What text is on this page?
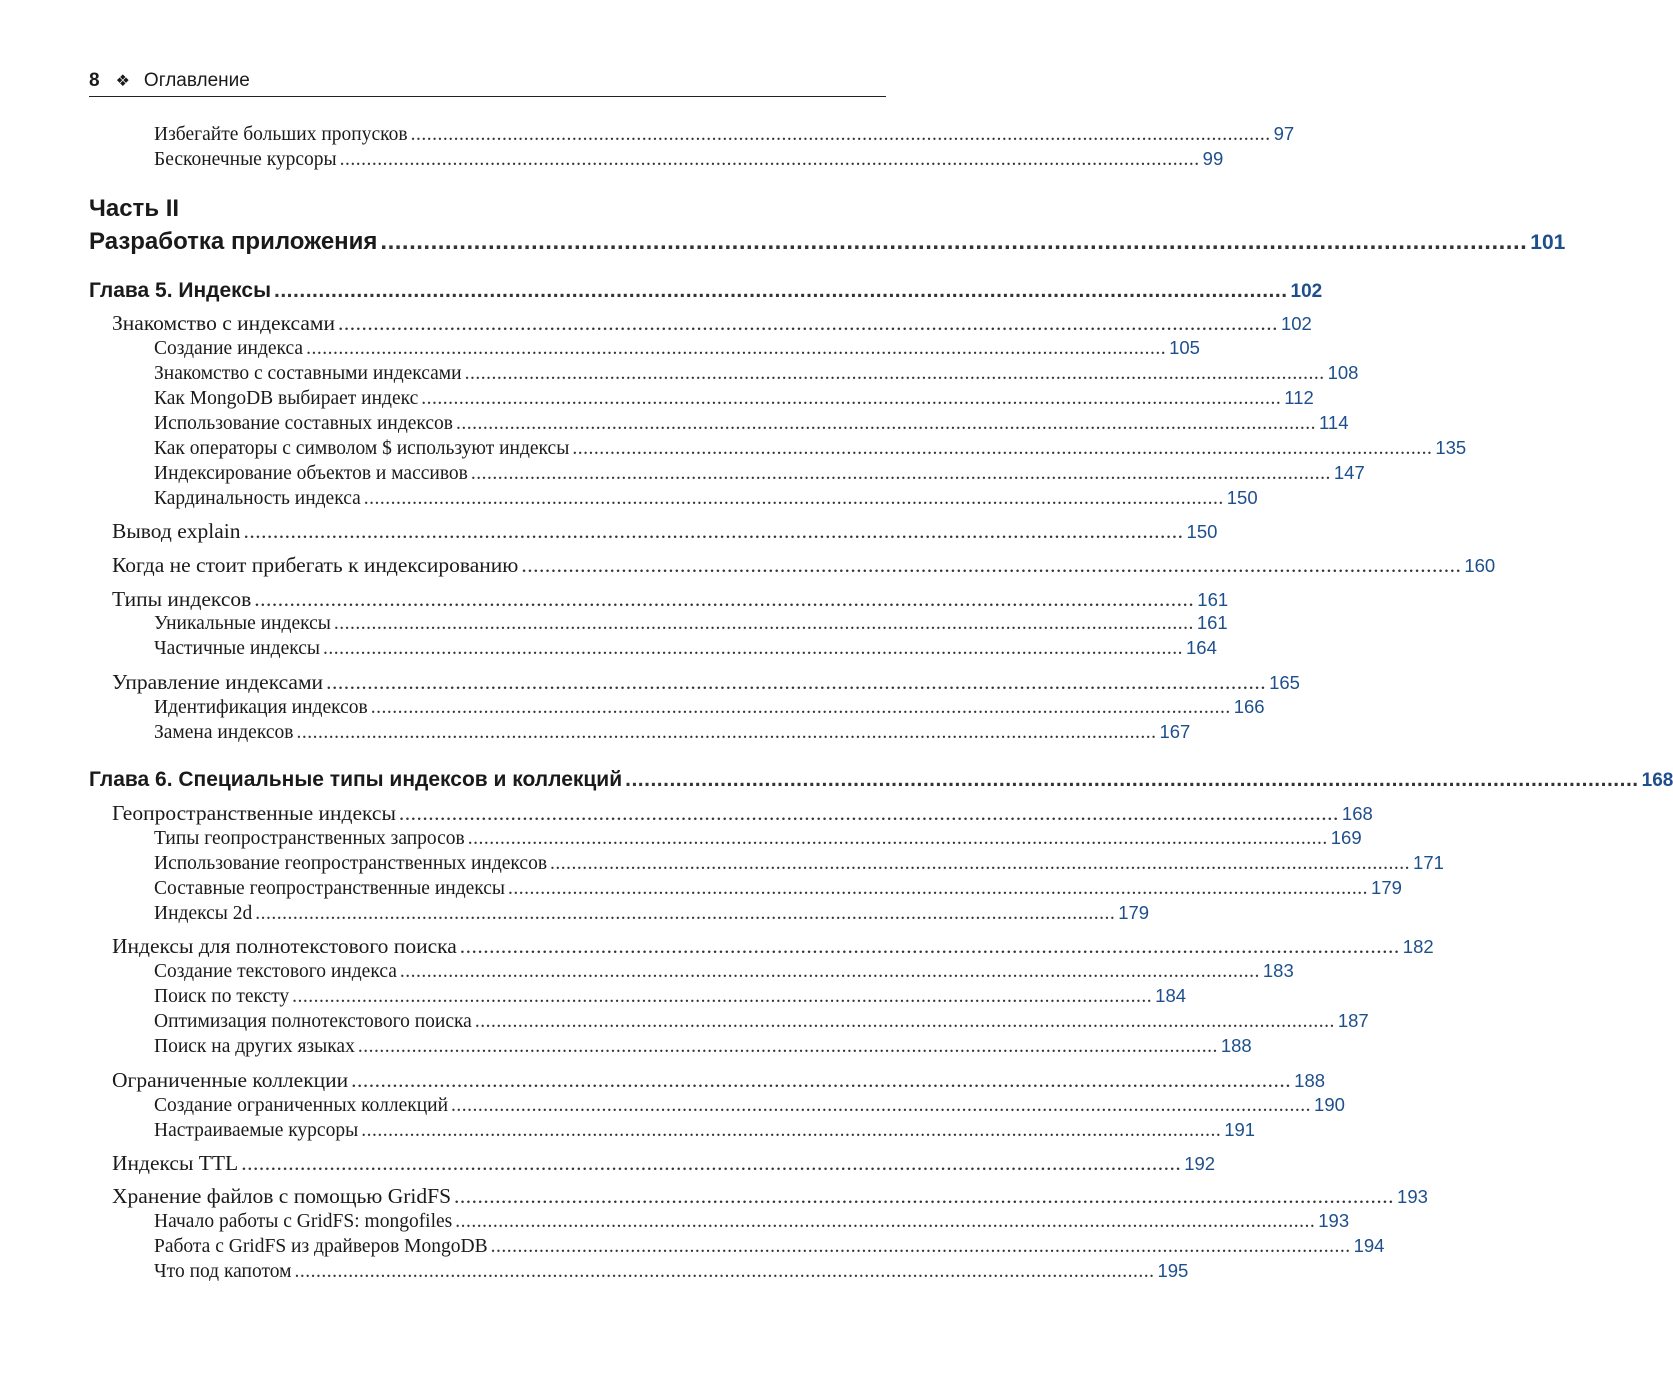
8 ❖ Оглавление
Избегайте больших пропусков ................................................................................................................................................................ 97
Бесконечные курсоры ................................................................................................................................................................ 99
Часть II
Разработка приложения ................................................................................................................................................................ 101
Глава 5. Индексы ................................................................................................................................................................ 102
Знакомство с индексами ................................................................................................................................................................ 102
Создание индекса ................................................................................................................................................................ 105
Знакомство с составными индексами ................................................................................................................................................................ 108
Как MongoDB выбирает индекс ................................................................................................................................................................ 112
Использование составных индексов ................................................................................................................................................................ 114
Как операторы с символом $ используют индексы ................................................................................................................................................................ 135
Индексирование объектов и массивов ................................................................................................................................................................ 147
Кардинальность индекса ................................................................................................................................................................ 150
Вывод explain ................................................................................................................................................................ 150
Когда не стоит прибегать к индексированию ................................................................................................................................................................ 160
Типы индексов ................................................................................................................................................................ 161
Уникальные индексы ................................................................................................................................................................ 161
Частичные индексы ................................................................................................................................................................ 164
Управление индексами ................................................................................................................................................................ 165
Идентификация индексов ................................................................................................................................................................ 166
Замена индексов ................................................................................................................................................................ 167
Глава 6. Специальные типы индексов и коллекций ................................................................................................................................................................ 168
Геопространственные индексы ................................................................................................................................................................ 168
Типы геопространственных запросов ................................................................................................................................................................ 169
Использование геопространственных индексов ................................................................................................................................................................ 171
Составные геопространственные индексы ................................................................................................................................................................ 179
Индексы 2d ................................................................................................................................................................ 179
Индексы для полнотекстового поиска ................................................................................................................................................................ 182
Создание текстового индекса ................................................................................................................................................................ 183
Поиск по тексту ................................................................................................................................................................ 184
Оптимизация полнотекстового поиска ................................................................................................................................................................ 187
Поиск на других языках ................................................................................................................................................................ 188
Ограниченные коллекции ................................................................................................................................................................ 188
Создание ограниченных коллекций ................................................................................................................................................................ 190
Настраиваемые курсоры ................................................................................................................................................................ 191
Индексы TTL ................................................................................................................................................................ 192
Хранение файлов с помощью GridFS ................................................................................................................................................................ 193
Начало работы с GridFS: mongofiles ................................................................................................................................................................ 193
Работа с GridFS из драйверов MongoDB ................................................................................................................................................................ 194
Что под капотом ................................................................................................................................................................ 195
